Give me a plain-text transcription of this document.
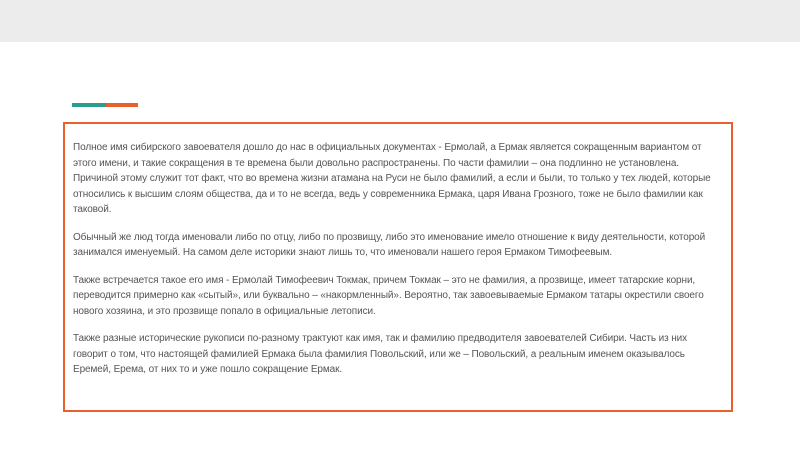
Полное имя сибирского завоевателя дошло до нас в официальных документах - Ермолай, а Ермак является сокращенным вариантом от этого имени, и такие сокращения в те времена были довольно распространены. По части фамилии – она подлинно не установлена. Причиной этому служит тот факт, что во времена жизни атамана на Руси не было фамилий, а если и были, то только у тех людей, которые относились к высшим слоям общества, да и то не всегда, ведь у современника Ермака, царя Ивана Грозного, тоже не было фамилии как таковой.

Обычный же люд тогда именовали либо по отцу, либо по прозвищу, либо это именование имело отношение к виду деятельности, которой занимался именуемый. На самом деле историки знают лишь то, что именовали нашего героя Ермаком Тимофеевым.

Также встречается такое его имя - Ермолай Тимофеевич Токмак, причем Токмак – это не фамилия, а прозвище, имеет татарские корни, переводится примерно как «сытый», или буквально – «накормленный». Вероятно, так завоевываемые Ермаком татары окрестили своего нового хозяина, и это прозвище попало в официальные летописи.

Также разные исторические рукописи по-разному трактуют как имя, так и фамилию предводителя завоевателей Сибири. Часть из них говорит о том, что настоящей фамилией Ермака была фамилия Повольский, или же – Повольский, а реальным именем оказывалось Еремей, Ерема, от них то и уже пошло сокращение Ермак.
